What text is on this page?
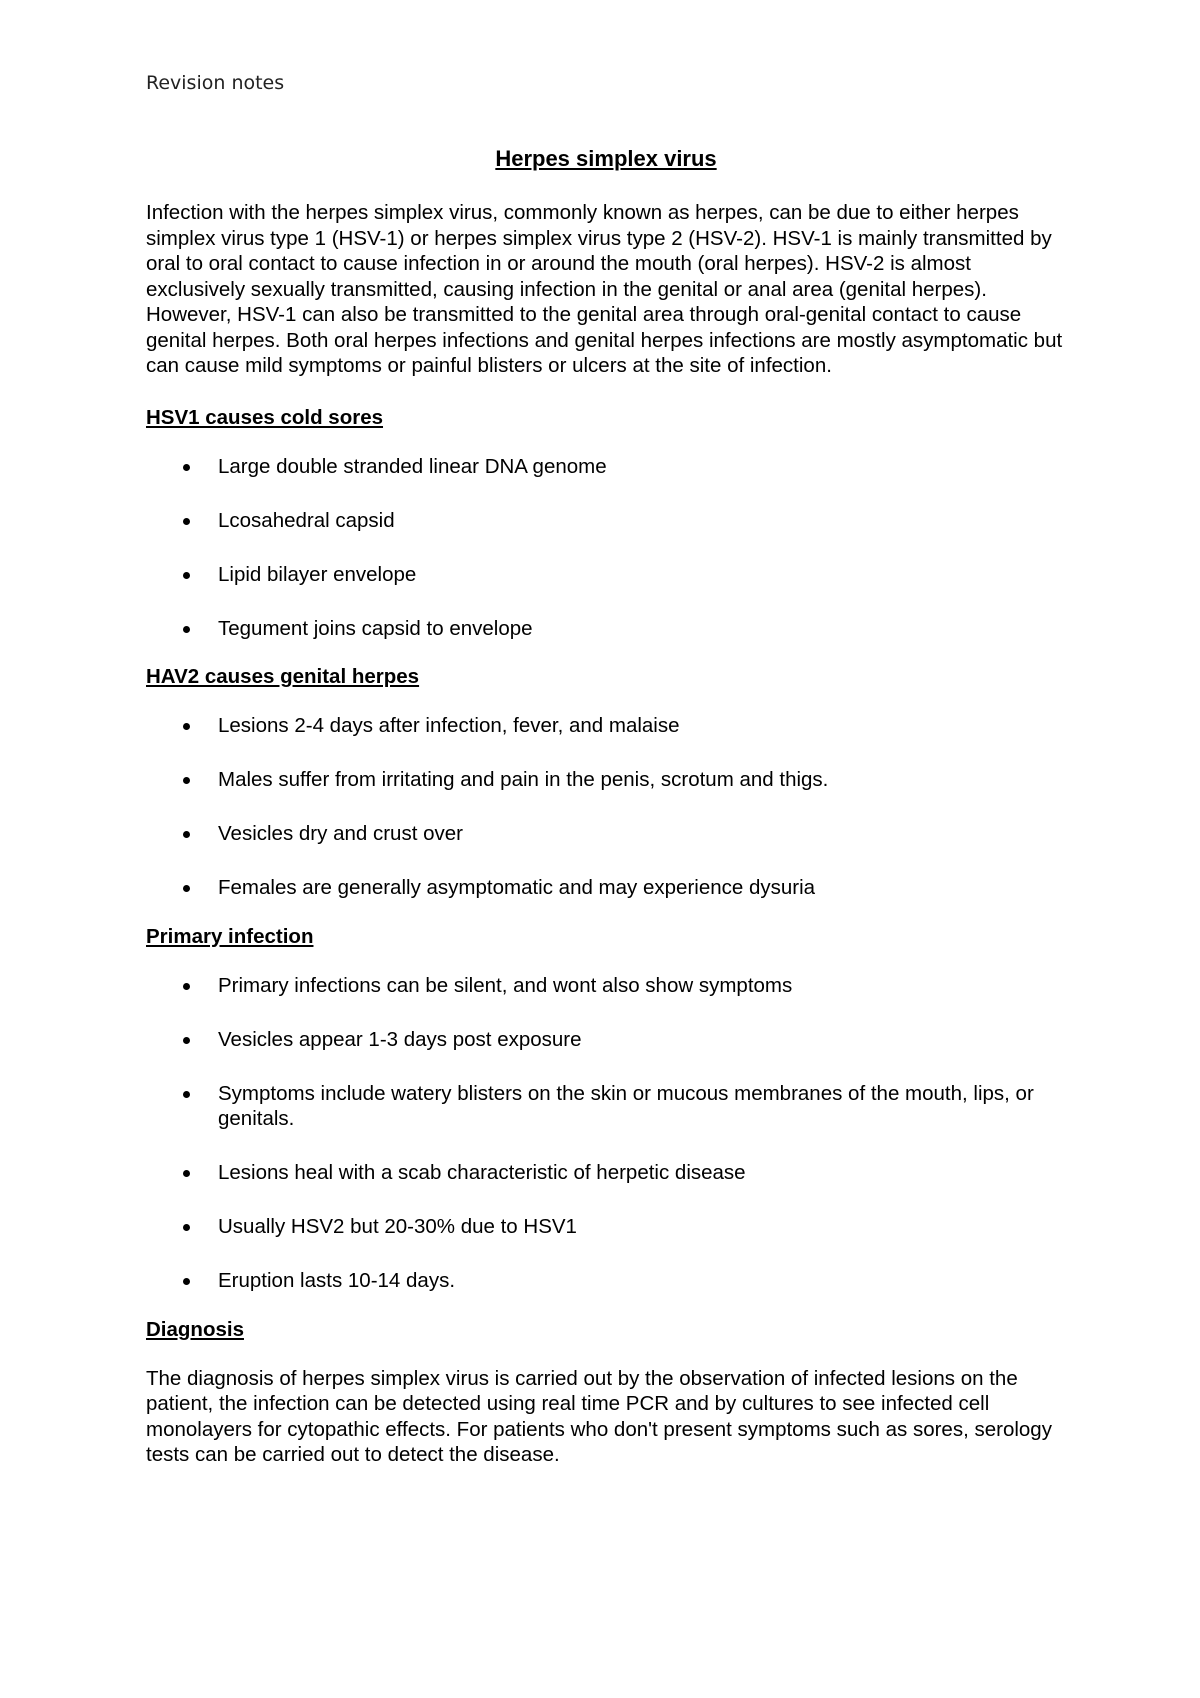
Revision notes
Herpes simplex virus
Infection with the herpes simplex virus, commonly known as herpes, can be due to either herpes simplex virus type 1 (HSV-1) or herpes simplex virus type 2 (HSV-2). HSV-1 is mainly transmitted by oral to oral contact to cause infection in or around the mouth (oral herpes). HSV-2 is almost exclusively sexually transmitted, causing infection in the genital or anal area (genital herpes). However, HSV-1 can also be transmitted to the genital area through oral-genital contact to cause genital herpes. Both oral herpes infections and genital herpes infections are mostly asymptomatic but can cause mild symptoms or painful blisters or ulcers at the site of infection.
HSV1 causes cold sores
Large double stranded linear DNA genome
Lcosahedral capsid
Lipid bilayer envelope
Tegument joins capsid to envelope
HAV2 causes genital herpes
Lesions 2-4 days after infection, fever, and malaise
Males suffer from irritating and pain in the penis, scrotum and thigs.
Vesicles dry and crust over
Females are generally asymptomatic and may experience dysuria
Primary infection
Primary infections can be silent, and wont also show symptoms
Vesicles appear 1-3 days post exposure
Symptoms include watery blisters on the skin or mucous membranes of the mouth, lips, or genitals.
Lesions heal with a scab characteristic of herpetic disease
Usually HSV2 but 20-30% due to HSV1
Eruption lasts 10-14 days.
Diagnosis
The diagnosis of herpes simplex virus is carried out by the observation of infected lesions on the patient, the infection can be detected using real time PCR and by cultures to see infected cell monolayers for cytopathic effects. For patients who don't present symptoms such as sores, serology tests can be carried out to detect the disease.
